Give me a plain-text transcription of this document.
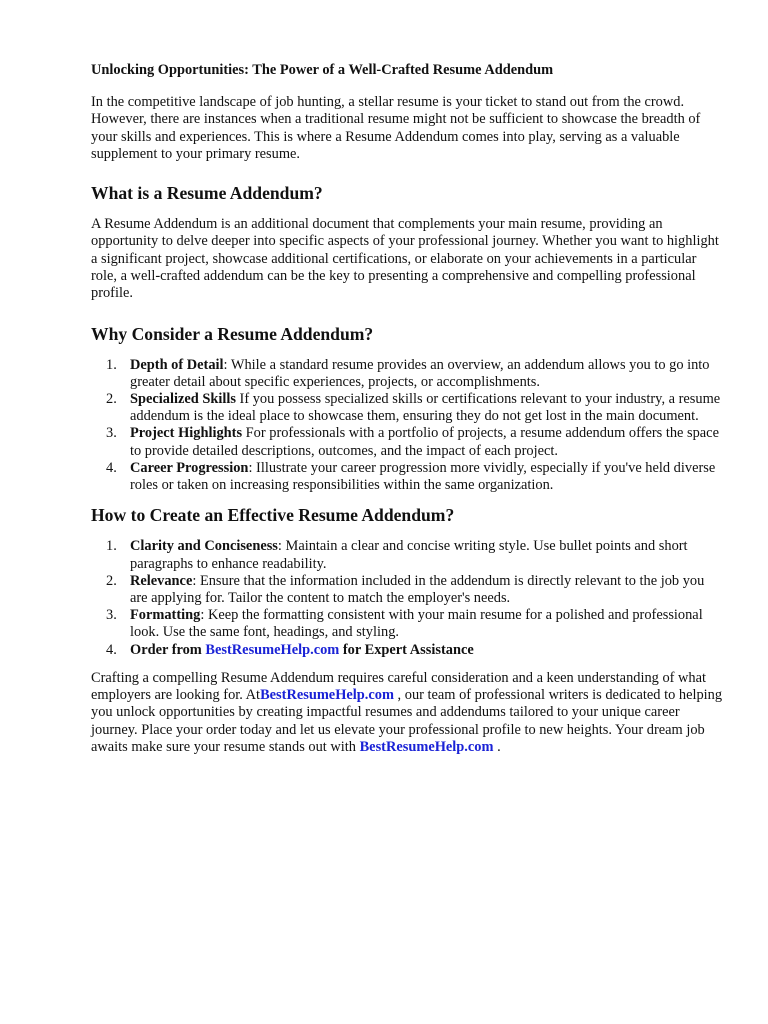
Unlocking Opportunities: The Power of a Well-Crafted Resume Addendum

In the competitive landscape of job hunting, a stellar resume is your ticket to stand out from the crowd. However, there are instances when a traditional resume might not be sufficient to showcase the breadth of your skills and experiences. This is where a Resume Addendum comes into play, serving as a valuable supplement to your primary resume.

What is a Resume Addendum?

A Resume Addendum is an additional document that complements your main resume, providing an opportunity to delve deeper into specific aspects of your professional journey. Whether you want to highlight a significant project, showcase additional certifications, or elaborate on your achievements in a particular role, a well-crafted addendum can be the key to presenting a comprehensive and compelling professional profile.

Why Consider a Resume Addendum?
1. Depth of Detail: While a standard resume provides an overview, an addendum allows you to go into greater detail about specific experiences, projects, or accomplishments.
2. Specialized Skills If you possess specialized skills or certifications relevant to your industry, a resume addendum is the ideal place to showcase them, ensuring they do not get lost in the main document.
3. Project Highlights For professionals with a portfolio of projects, a resume addendum offers the space to provide detailed descriptions, outcomes, and the impact of each project.
4. Career Progression: Illustrate your career progression more vividly, especially if you've held diverse roles or taken on increasing responsibilities within the same organization.
How to Create an Effective Resume Addendum?
1. Clarity and Conciseness: Maintain a clear and concise writing style. Use bullet points and short paragraphs to enhance readability.
2. Relevance: Ensure that the information included in the addendum is directly relevant to the job you are applying for. Tailor the content to match the employer's needs.
3. Formatting: Keep the formatting consistent with your main resume for a polished and professional look. Use the same font, headings, and styling.
4. Order from BestResumeHelp.com for Expert Assistance

Crafting a compelling Resume Addendum requires careful consideration and a keen understanding of what employers are looking for. AtBestResumeHelp.com , our team of professional writers is dedicated to helping you unlock opportunities by creating impactful resumes and addendums tailored to your unique career journey. Place your order today and let us elevate your professional profile to new heights. Your dream job awaits make sure your resume stands out with BestResumeHelp.com .
